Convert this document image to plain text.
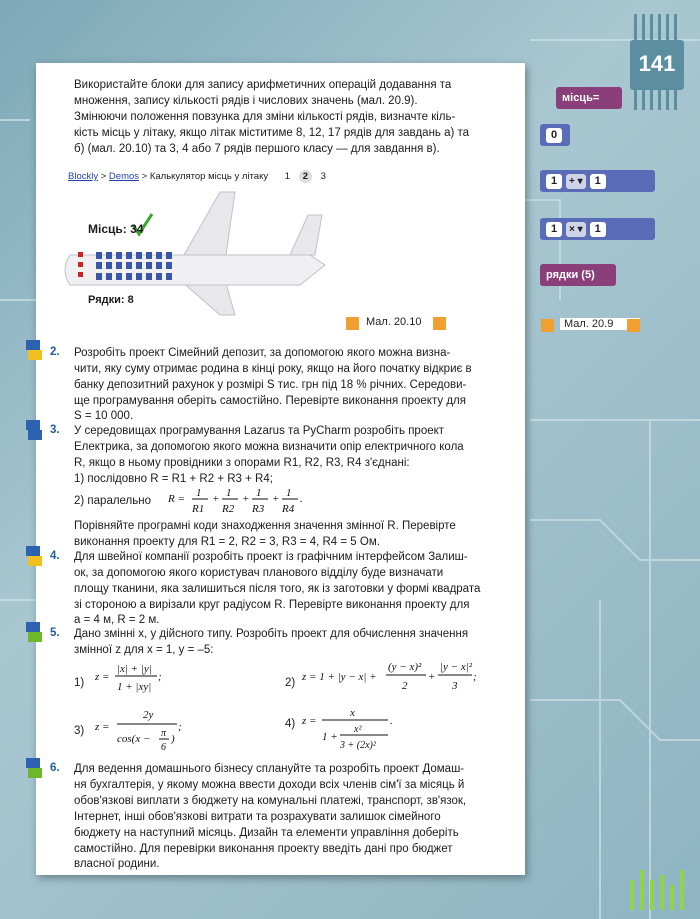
141
місць=
0
1	+ ▾	1
1	× ▾	1
рядки (5)
Мал. 20.9
Використайте блоки для запису арифметичних операцій додавання та
множення, запису кількості рядів і числових значень (мал. 20.9).
Змінюючи положення повзунка для зміни кількості рядів, визначте кіль-
кість місць у літаку, якщо літак міститиме 8, 12, 17 рядів для завдань а) та
б) (мал. 20.10) та 3, 4 або 7 рядів першого класу — для завдання в).
Blockly > Demos > Калькулятор місць у літаку 1 2 3
Місць: 34
Рядки: 8
Мал. 20.10
2. Розробіть проект Сімейний депозит, за допомогою якого можна визна-
чити, яку суму отримає родина в кінці року, якщо на його початку відкриє в
банку депозитний рахунок у розмірі S тис. грн під 18 % річних. Середови-
ще програмування оберіть самостійно. Перевірте виконання проекту для
S = 10 000.
3. У середовищах програмування Lazarus та PyCharm розробіть проект
Електрика, за допомогою якого можна визначити опір електричного кола
R, якщо в ньому провідники з опорами R1, R2, R3, R4 з'єднані:
1) послідовно R = R1 + R2 + R3 + R4;
2) паралельно R = 1
R1
+ 1
R2
+ 1
R3
+ 1
R4
.
Порівняйте програмні коди знаходження значення змінної R. Перевірте
виконання проекту для R1 = 2, R2 = 3, R3 = 4, R4 = 5 Ом.
4. Для швейної компанії розробіть проект із графічним інтерфейсом Залиш-
ок, за допомогою якого користувач планового відділу буде визначати
площу тканини, яка залишиться після того, як із заготовки у формі квадрата
зі стороною a вирізали круг радіусом R. Перевірте виконання проекту для
a = 4 м, R = 2 м.
5. Дано змінні x, y дійсного типу. Розробіть проект для обчислення значення
змінної z для x = 1, y = –5:
1) z =
|x| + |y|
1 + |xy|
;	2) z = 1 + |y − x| +
(y − x)²
2
+
|y − x|²
3
;
3) z =
2y
cos(x − π
6
)
;	4) z =
x
1 +
x²
3 + (2x)²
.
6. Для ведення домашнього бізнесу сплануйте та розробіть проект Домаш-
ня бухгалтерія, у якому можна ввести доходи всіх членів сім'ї за місяць й
обов'язкові виплати з бюджету на комунальні платежі, транспорт, зв'язок,
Інтернет, інші обов'язкові витрати та розрахувати залишок сімейного
бюджету на наступний місяць. Дизайн та елементи управління доберіть
самостійно. Для перевірки виконання проекту введіть дані про бюджет
власної родини.
